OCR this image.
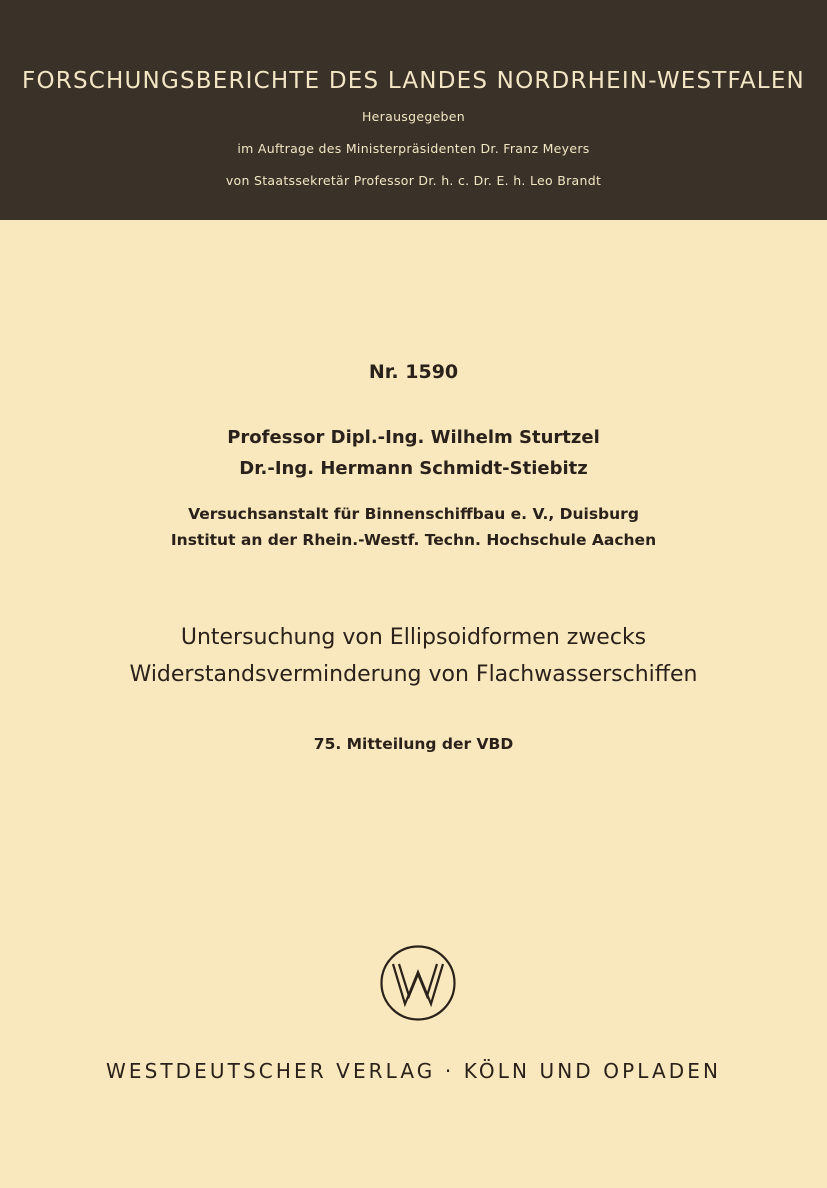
FORSCHUNGSBERICHTE DES LANDES NORDRHEIN-WESTFALEN
Herausgegeben
im Auftrage des Ministerpräsidenten Dr. Franz Meyers
von Staatssekretär Professor Dr. h. c. Dr. E. h. Leo Brandt
Nr. 1590
Professor Dipl.-Ing. Wilhelm Sturtzel
Dr.-Ing. Hermann Schmidt-Stiebitz
Versuchsanstalt für Binnenschiffbau e. V., Duisburg
Institut an der Rhein.-Westf. Techn. Hochschule Aachen
Untersuchung von Ellipsoidformen zwecks
Widerstandsverminderung von Flachwasserschiffen
75. Mitteilung der VBD
WESTDEUTSCHER VERLAG · KÖLN UND OPLADEN
